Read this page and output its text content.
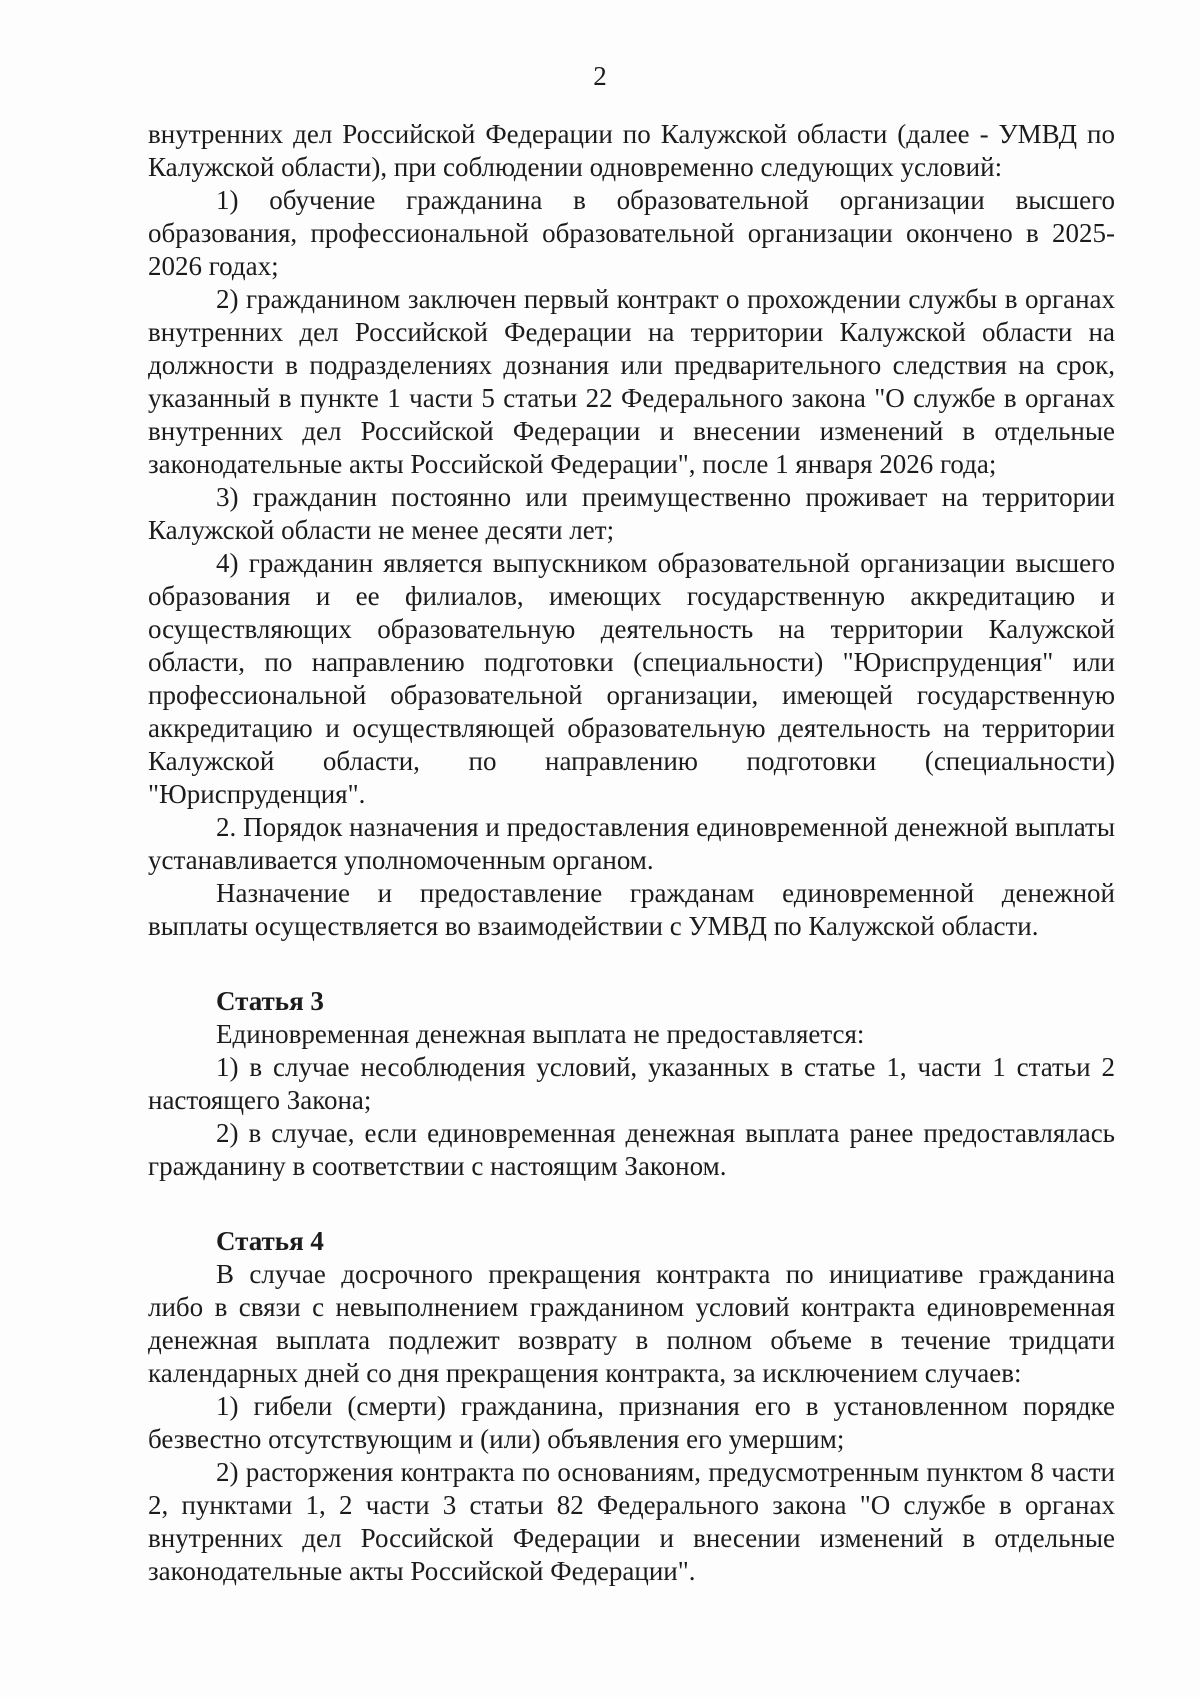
2

внутренних дел Российской Федерации по Калужской области (далее - УМВД по Калужской области), при соблюдении одновременно следующих условий:

1) обучение гражданина в образовательной организации высшего образования, профессиональной образовательной организации окончено в 2025-2026 годах;

2) гражданином заключен первый контракт о прохождении службы в органах внутренних дел Российской Федерации на территории Калужской области на должности в подразделениях дознания или предварительного следствия на срок, указанный в пункте 1 части 5 статьи 22 Федерального закона "О службе в органах внутренних дел Российской Федерации и внесении изменений в отдельные законодательные акты Российской Федерации", после 1 января 2026 года;

3) гражданин постоянно или преимущественно проживает на территории Калужской области не менее десяти лет;

4) гражданин является выпускником образовательной организации высшего образования и ее филиалов, имеющих государственную аккредитацию и осуществляющих образовательную деятельность на территории Калужской области, по направлению подготовки (специальности) "Юриспруденция" или профессиональной образовательной организации, имеющей государственную аккредитацию и осуществляющей образовательную деятельность на территории Калужской области, по направлению подготовки (специальности) "Юриспруденция".

2. Порядок назначения и предоставления единовременной денежной выплаты устанавливается уполномоченным органом.

Назначение и предоставление гражданам единовременной денежной выплаты осуществляется во взаимодействии с УМВД по Калужской области.

Статья 3

Единовременная денежная выплата не предоставляется:

1) в случае несоблюдения условий, указанных в статье 1, части 1 статьи 2 настоящего Закона;

2) в случае, если единовременная денежная выплата ранее предоставлялась гражданину в соответствии с настоящим Законом.

Статья 4

В случае досрочного прекращения контракта по инициативе гражданина либо в связи с невыполнением гражданином условий контракта единовременная денежная выплата подлежит возврату в полном объеме в течение тридцати календарных дней со дня прекращения контракта, за исключением случаев:

1) гибели (смерти) гражданина, признания его в установленном порядке безвестно отсутствующим и (или) объявления его умершим;

2) расторжения контракта по основаниям, предусмотренным пунктом 8 части 2, пунктами 1, 2 части 3 статьи 82 Федерального закона "О службе в органах внутренних дел Российской Федерации и внесении изменений в отдельные законодательные акты Российской Федерации".
